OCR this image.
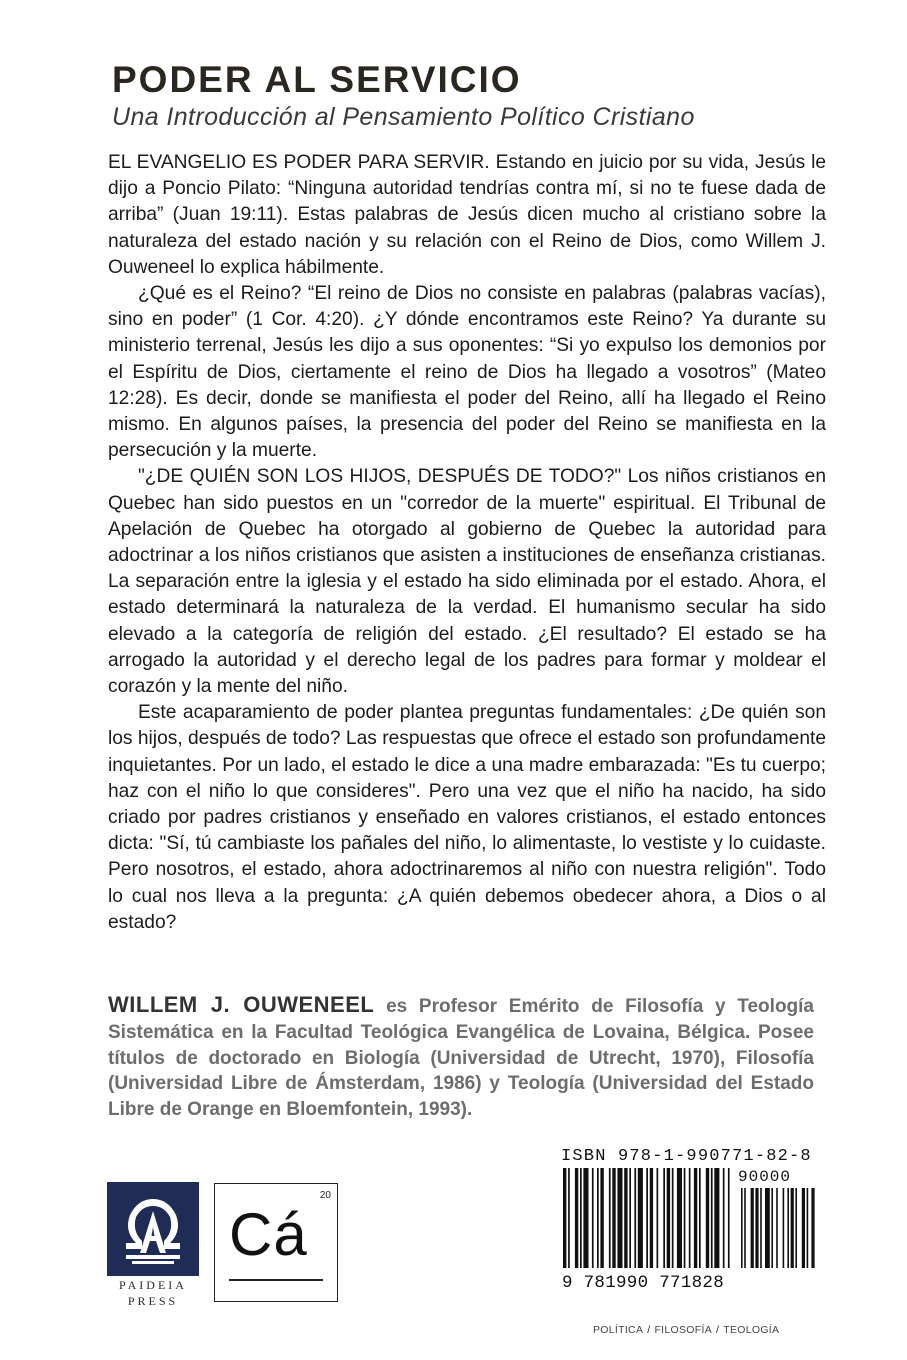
PODER AL SERVICIO
Una Introducción al Pensamiento Político Cristiano

EL EVANGELIO ES PODER PARA SERVIR. Estando en juicio por su vida, Jesús le dijo a Poncio Pilato: “Ninguna autoridad tendrías contra mí, si no te fuese dada de arriba” (Juan 19:11). Estas palabras de Jesús dicen mucho al cristiano sobre la naturaleza del estado nación y su relación con el Reino de Dios, como Willem J. Ouweneel lo explica hábilmente.

¿Qué es el Reino? “El reino de Dios no consiste en palabras (palabras vacías), sino en poder” (1 Cor. 4:20). ¿Y dónde encontramos este Reino? Ya durante su ministerio terrenal, Jesús les dijo a sus oponentes: “Si yo expulso los demonios por el Espíritu de Dios, ciertamente el reino de Dios ha llegado a vosotros” (Mateo 12:28). Es decir, donde se manifiesta el poder del Reino, allí ha llegado el Reino mismo. En algunos países, la presencia del poder del Reino se manifiesta en la persecución y la muerte.

"¿DE QUIÉN SON LOS HIJOS, DESPUÉS DE TODO?" Los niños cristianos en Quebec han sido puestos en un "corredor de la muerte" espiritual. El Tribunal de Apelación de Quebec ha otorgado al gobierno de Quebec la autoridad para adoctrinar a los niños cristianos que asisten a instituciones de enseñanza cristianas. La separación entre la iglesia y el estado ha sido eliminada por el estado. Ahora, el estado determinará la naturaleza de la verdad. El humanismo secular ha sido elevado a la categoría de religión del estado. ¿El resultado? El estado se ha arrogado la autoridad y el derecho legal de los padres para formar y moldear el corazón y la mente del niño.

Este acaparamiento de poder plantea preguntas fundamentales: ¿De quién son los hijos, después de todo? Las respuestas que ofrece el estado son profundamente inquietantes. Por un lado, el estado le dice a una madre embarazada: "Es tu cuerpo; haz con el niño lo que consideres". Pero una vez que el niño ha nacido, ha sido criado por padres cristianos y enseñado en valores cristianos, el estado entonces dicta: "Sí, tú cambiaste los pañales del niño, lo alimentaste, lo vestiste y lo cuidaste. Pero nosotros, el estado, ahora adoctrinaremos al niño con nuestra religión". Todo lo cual nos lleva a la pregunta: ¿A quién debemos obedecer ahora, a Dios o al estado?

WILLEM J. OUWENEEL es Profesor Emérito de Filosofía y Teología Sistemática en la Facultad Teológica Evangélica de Lovaina, Bélgica. Posee títulos de doctorado en Biología (Universidad de Utrecht, 1970), Filosofía (Universidad Libre de Ámsterdam, 1986) y Teología (Universidad del Estado Libre de Orange en Bloemfontein, 1993).
PAIDEIA
PRESS
20
Cá
ISBN 978-1-990771-82-8
9 781990 771828
90000
POLÍTICA / FILOSOFÍA / TEOLOGÍA
